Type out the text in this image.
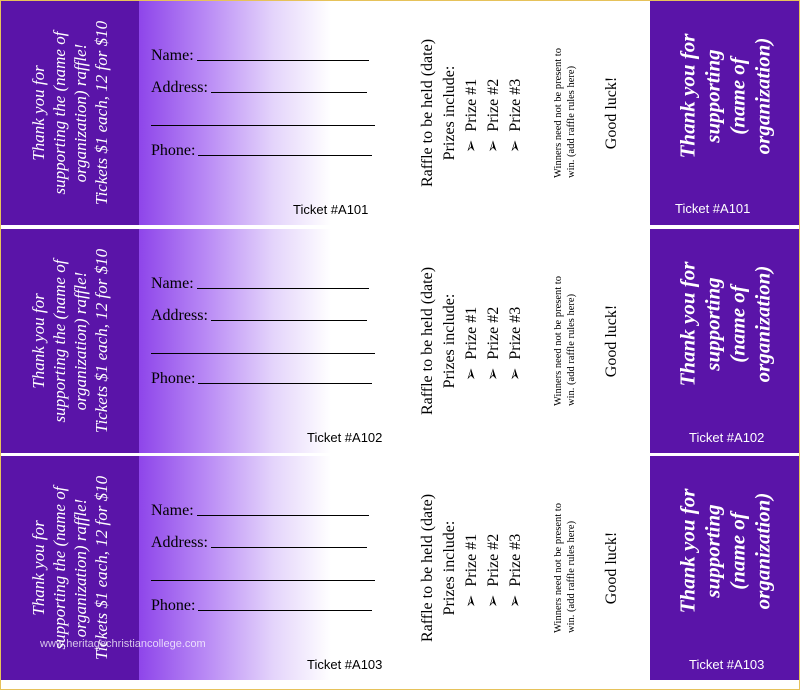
Thank you for supporting the (name of organization) raffle! Tickets $1 each, 12 for $10	Name:
Address:
Phone:
Ticket #A101
Raffle to be held (date) Prizes include: ➢  Prize #1
➢  Prize #2
➢  Prize #3	Winners need not be present to win. (add raffle rules here) Good luck!	Thank you for supporting (name of organization)
Ticket #A101
Thank you for supporting the (name of organization) raffle! Tickets $1 each, 12 for $10	Name:
Address:
Phone:
Ticket #A102
Raffle to be held (date) Prizes include: ➢  Prize #1
➢  Prize #2
➢  Prize #3	Winners need not be present to win. (add raffle rules here) Good luck!	Thank you for supporting (name of organization)
Ticket #A102
Thank you for supporting the (name of organization) raffle! Tickets $1 each, 12 for $10	Name:
Address:
Phone:
Ticket #A103
Raffle to be held (date) Prizes include: ➢  Prize #1
➢  Prize #2
➢  Prize #3	Winners need not be present to win. (add raffle rules here) Good luck!	Thank you for supporting (name of organization)
Ticket #A103
www.heritagechristiancollege.com
